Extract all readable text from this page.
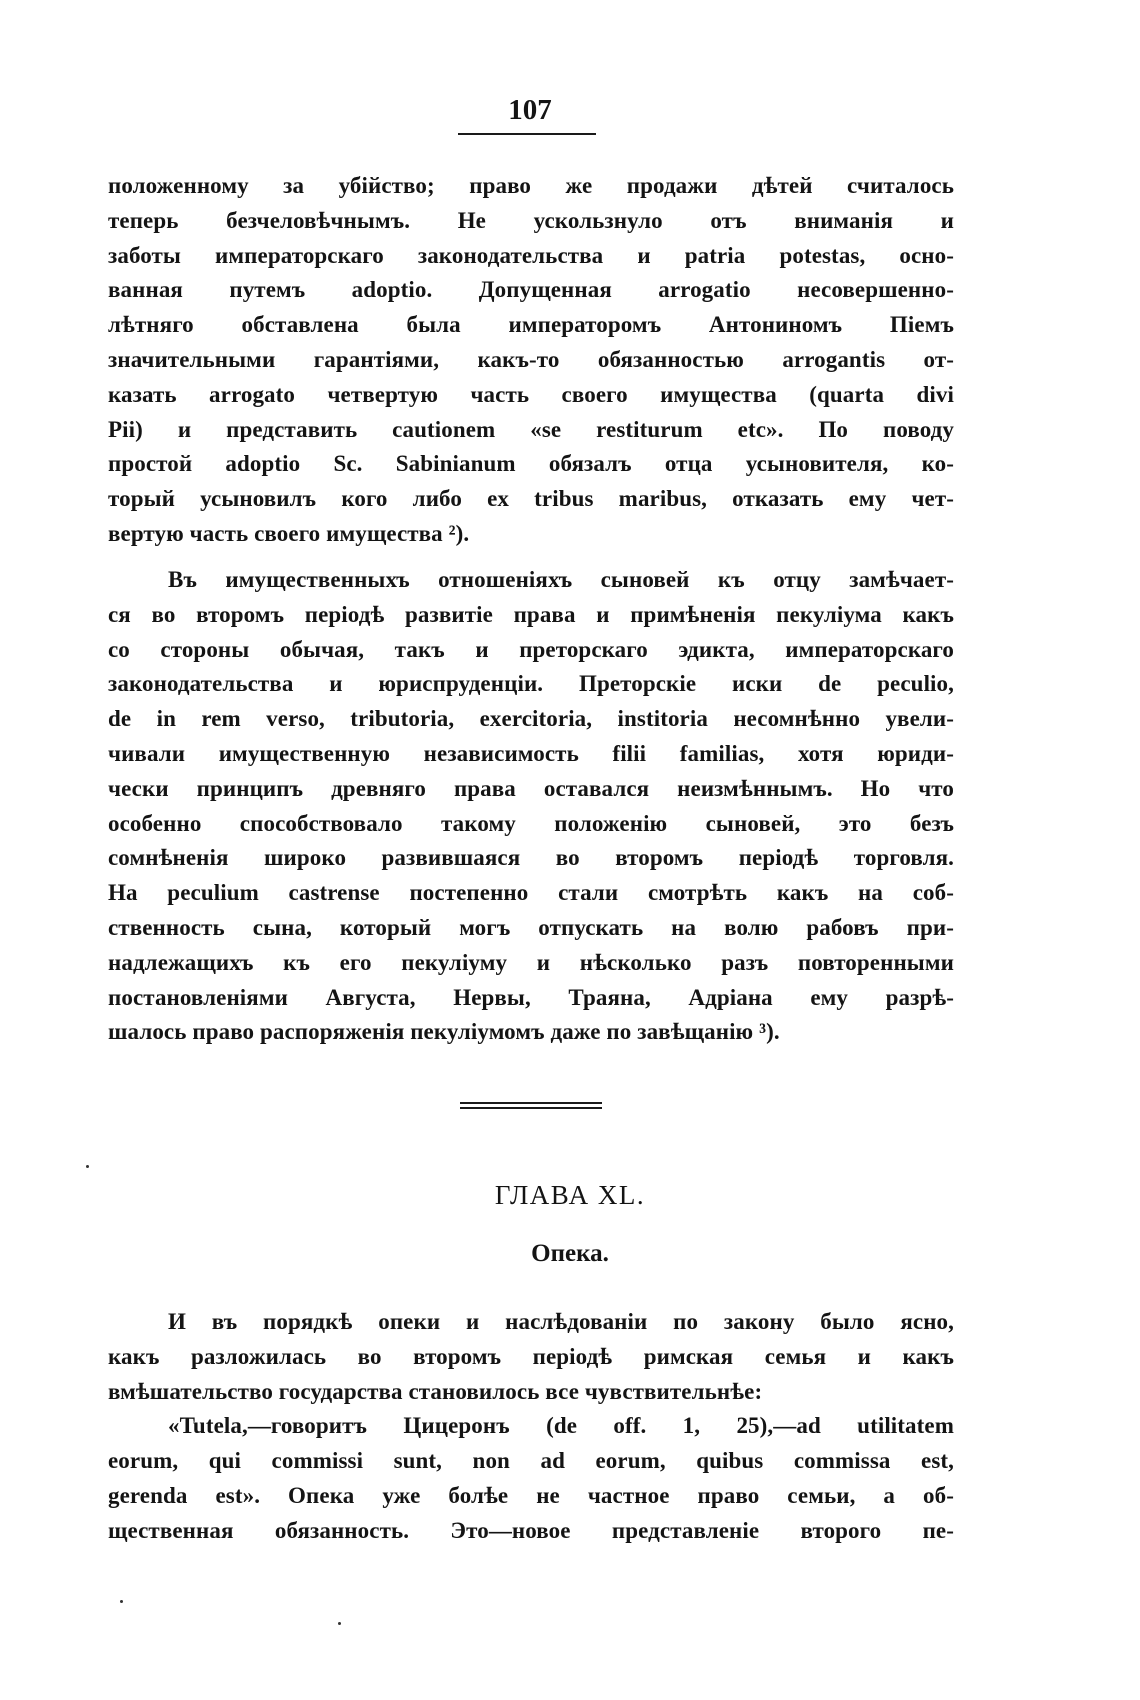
107
положенному за убійство; право же продажи дѣтей считалось
теперь безчеловѣчнымъ. Не ускользнуло отъ вниманія и
заботы императорскаго законодательства и patria potestas, осно-
ванная путемъ adoptio. Допущенная arrogatio несовершенно-
лѣтняго обставлена была императоромъ Антониномъ Піемъ
значительными гарантіями, какъ-то обязанностью arrogantis от-
казать arrogato четвертую часть своего имущества (quarta divi
Pii) и представить cautionem «se restiturum etc». По поводу
простой adoptio Sc. Sabinianum обязалъ отца усыновителя, ко-
торый усыновилъ кого либо ex tribus maribus, отказать ему чет-
вертую часть своего имущества ²).
Въ имущественныхъ отношеніяхъ сыновей къ отцу замѣчает-
ся во второмъ періодѣ развитіе права и примѣненія пекуліума какъ
со стороны обычая, такъ и преторскаго эдикта, императорскаго
законодательства и юриспруденціи. Преторскіе иски de peculio,
de in rem verso, tributoria, exercitoria, institoria несомнѣнно увели-
чивали имущественную независимость filii familias, хотя юриди-
чески принципъ древняго права оставался неизмѣннымъ. Но что
особенно способствовало такому положенію сыновей, это безъ
сомнѣненія широко развившаяся во второмъ періодѣ торговля.
На peculium castrense постепенно стали смотрѣть какъ на соб-
ственность сына, который могъ отпускать на волю рабовъ при-
надлежащихъ къ его пекуліуму и нѣсколько разъ повторенными
постановленіями Августа, Нервы, Траяна, Адріана ему разрѣ-
шалось право распоряженія пекуліумомъ даже по завѣщанію ³).
ГЛАВА XL.
Опека.
И въ порядкѣ опеки и наслѣдованіи по закону было ясно,
какъ разложилась во второмъ періодѣ римская семья и какъ
вмѣшательство государства становилось все чувствительнѣе:
«Tutela,—говоритъ Цицеронъ (de off. 1, 25),—ad utilitatem
eorum, qui commissi sunt, non ad eorum, quibus commissa est,
gerenda est». Опека уже болѣе не частное право семьи, а об-
щественная обязанность. Это—новое представленіе второго пе-
